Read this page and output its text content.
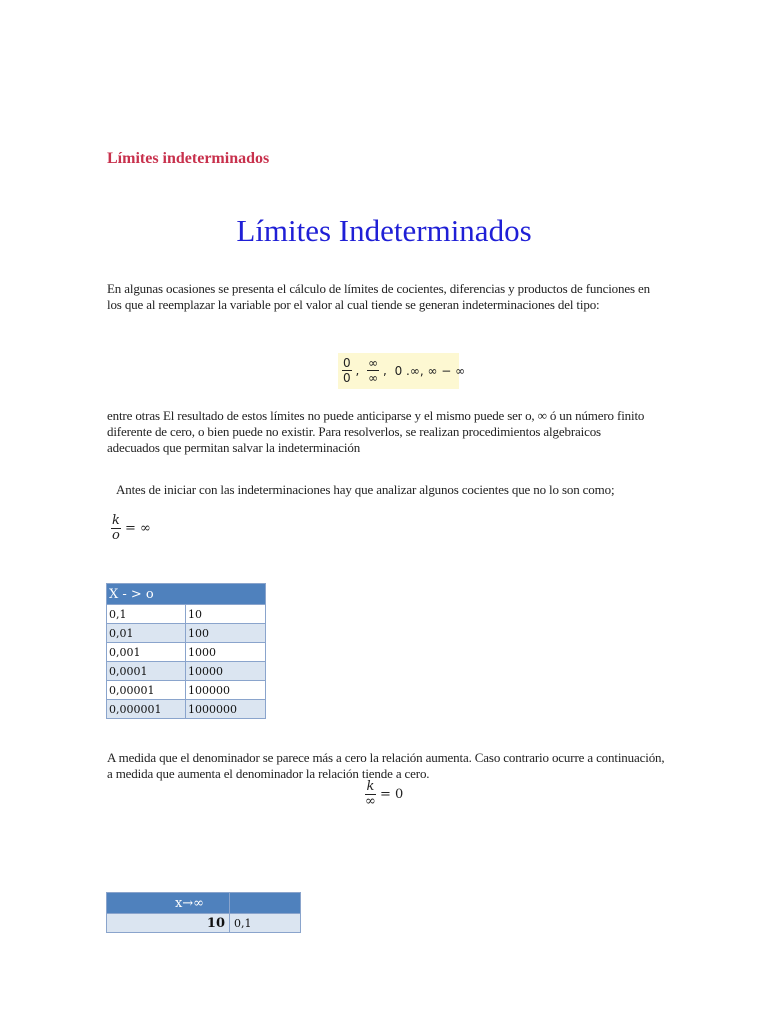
Límites indeterminados
Límites Indeterminados
En algunas ocasiones se presenta el cálculo de límites de cocientes, diferencias y productos de funciones en los que al reemplazar la variable por el valor al cual tiende se generan indeterminaciones del tipo:
$\frac{0}{0}$ , $\frac{\infty}{\infty}$ , 0 .∞, ∞ − ∞
entre otras El resultado de estos límites no puede anticiparse y el mismo puede ser o, ∞ ó un número finito diferente de cero, o bien puede no existir. Para resolverlos, se realizan procedimientos algebraicos adecuados que permitan salvar la indeterminación
Antes de iniciar con las indeterminaciones hay que analizar algunos cocientes que no lo son como;
$\frac{k}{o}$ = ∞
X - > o	
0,1	10
0,01	100
0,001	1000
0,0001	10000
0,00001	100000
0,000001	1000000
A medida que el denominador se parece más a cero la relación aumenta. Caso contrario ocurre a continuación, a medida que aumenta el denominador la relación tiende a cero.
$\frac{k}{\infty} = 0$
x→∞	
10	0,1
